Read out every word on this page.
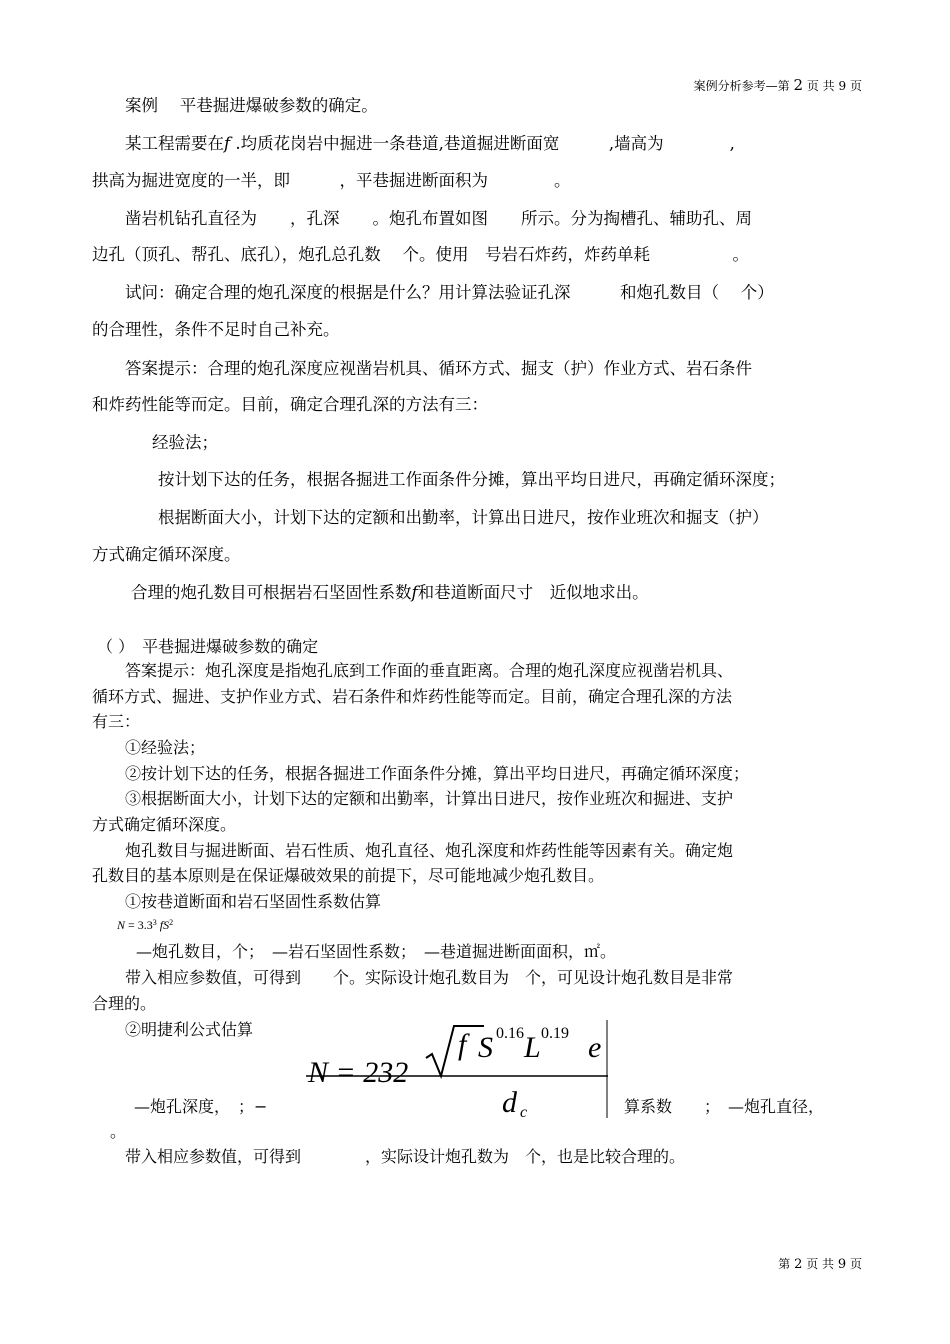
案例分析参考—第 2 页 共 9 页
案例　 平巷掘进爆破参数的确定。
某工程需要在f .均质花岗岩中掘进一条巷道,巷道掘进断面宽　　　,墙高为　　　　,
拱高为掘进宽度的一半，即　　　，平巷掘进断面积为　　　　。
凿岩机钻孔直径为　　，孔深　　。炮孔布置如图　　所示。分为掏槽孔、辅助孔、周
边孔（顶孔、帮孔、底孔），炮孔总孔数　 个。使用　号岩石炸药，炸药单耗　　　　　。
试问：确定合理的炮孔深度的根据是什么？用计算法验证孔深　　　和炮孔数目（　 个）
的合理性，条件不足时自己补充。
答案提示：合理的炮孔深度应视凿岩机具、循环方式、掘支（护）作业方式、岩石条件
和炸药性能等而定。目前，确定合理孔深的方法有三：
经验法；
按计划下达的任务，根据各掘进工作面条件分摊，算出平均日进尺，再确定循环深度；
根据断面大小，计划下达的定额和出勤率，计算出日进尺，按作业班次和掘支（护）
方式确定循环深度。
合理的炮孔数目可根据岩石坚固性系数f和巷道断面尺寸　近似地求出。
（ ）　平巷掘进爆破参数的确定
答案提示：炮孔深度是指炮孔底到工作面的垂直距离。合理的炮孔深度应视凿岩机具、
循环方式、掘进、支护作业方式、岩石条件和炸药性能等而定。目前，确定合理孔深的方法
有三：
①经验法；
②按计划下达的任务，根据各掘进工作面条件分摊，算出平均日进尺，再确定循环深度；
③根据断面大小，计划下达的定额和出勤率，计算出日进尺，按作业班次和掘进、支护
方式确定循环深度。
炮孔数目与掘进断面、岩石性质、炮孔直径、炮孔深度和炸药性能等因素有关。确定炮
孔数目的基本原则是在保证爆破效果的前提下，尽可能地减少炮孔数目。
①按巷道断面和岩石坚固性系数估算
$N = 3.3^3$ $fS^2$
—炮孔数目，个；　—岩石坚固性系数；　—巷道掘进断面面积，㎡。
带入相应参数值，可得到　　个。实际设计炮孔数目为　个，可见设计炮孔数目是非常
合理的。
②明捷利公式估算
N = 232
f S 0.16 L 0.19 e
d c
—炮孔深度，　；−	算系数　　；　—炮孔直径，
。
带入相应参数值，可得到　　　　，实际设计炮孔数为　个，也是比较合理的。
第 2 页 共 9 页
